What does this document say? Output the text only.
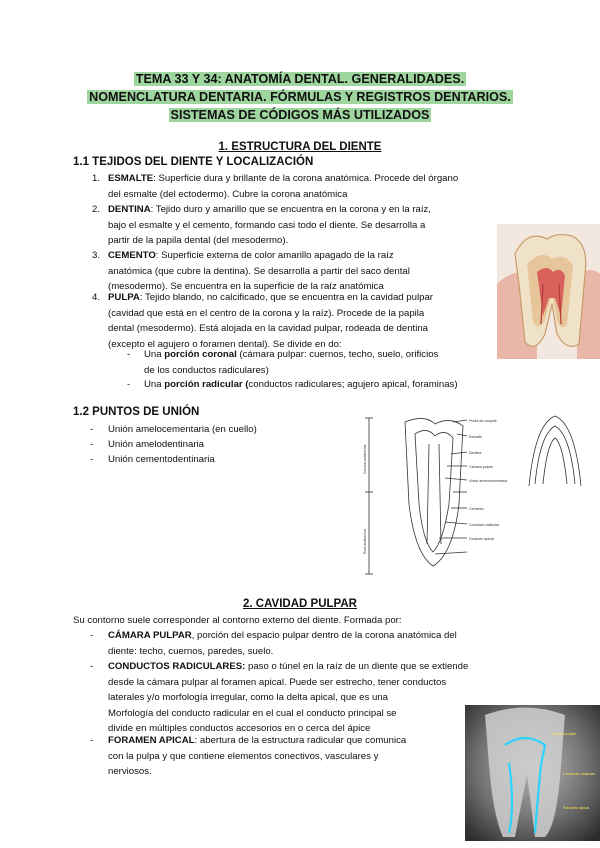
TEMA 33 Y 34: ANATOMÍA DENTAL. GENERALIDADES.
NOMENCLATURA DENTARIA. FÓRMULAS Y REGISTROS DENTARIOS.
SISTEMAS DE CÓDIGOS MÁS UTILIZADOS
1. ESTRUCTURA DEL DIENTE
1.1 TEJIDOS DEL DIENTE Y LOCALIZACIÓN
1. ESMALTE: Superficie dura y brillante de la corona anatómica. Procede del órgano
del esmalte (del ectodermo). Cubre la corona anatómica
2. DENTINA: Tejido duro y amarillo que se encuentra en la corona y en la raíz,
bajo el esmalte y el cemento, formando casi todo el diente. Se desarrolla a
partir de la papila dental (del mesodermo).
3. CEMENTO: Superficie externa de color amarillo apagado de la raíz
anatómica (que cubre la dentina). Se desarrolla a partir del saco dental
(mesodermo). Se encuentra en la superficie de la raíz anatómica
4. PULPA: Tejido blando, no calcificado, que se encuentra en la cavidad pulpar
(cavidad que está en el centro de la corona y la raíz). Procede de la papila
dental (mesodermo). Está alojada en la cavidad pulpar, rodeada de dentina
(excepto el agujero o foramen dental). Se divide en do:
- Una porción coronal (cámara pulpar: cuernos, techo, suelo, orificios
de los conductos radiculares)
- Una porción radicular (conductos radiculares; agujero apical, foraminas)
1.2 PUNTOS DE UNIÓN
- Unión amelocementaria (en cuello)
- Unión amelodentinaria
- Unión cementodentinaria
Punta de cúspide
Esmalte
Dentina
Cámara pulpar
Unión amelocementaria
Cemento
Conducto radicular
Foramen apical
Corona anatómica
Raíz anatómica
2. CAVIDAD PULPAR
Su contorno suele corresponder al contorno externo del diente. Formada por:
- CÁMARA PULPAR, porción del espacio pulpar dentro de la corona anatómica del
diente: techo, cuernos, paredes, suelo.
- CONDUCTOS RADICULARES: paso o túnel en la raíz de un diente que se extiende
desde la cámara pulpar al foramen apical. Puede ser estrecho, tener conductos
laterales y/o morfología irregular, como la delta apical, que es una
Morfología del conducto radicular en el cual el conducto principal se
divide en múltiples conductos accesorios en o cerca del ápice
- FORAMEN APICAL: abertura de la estructura radicular que comunica
con la pulpa y que contiene elementos conectivos, vasculares y
nerviosos.
Cámara pulpar
Conducto radicular
Foramen apical
